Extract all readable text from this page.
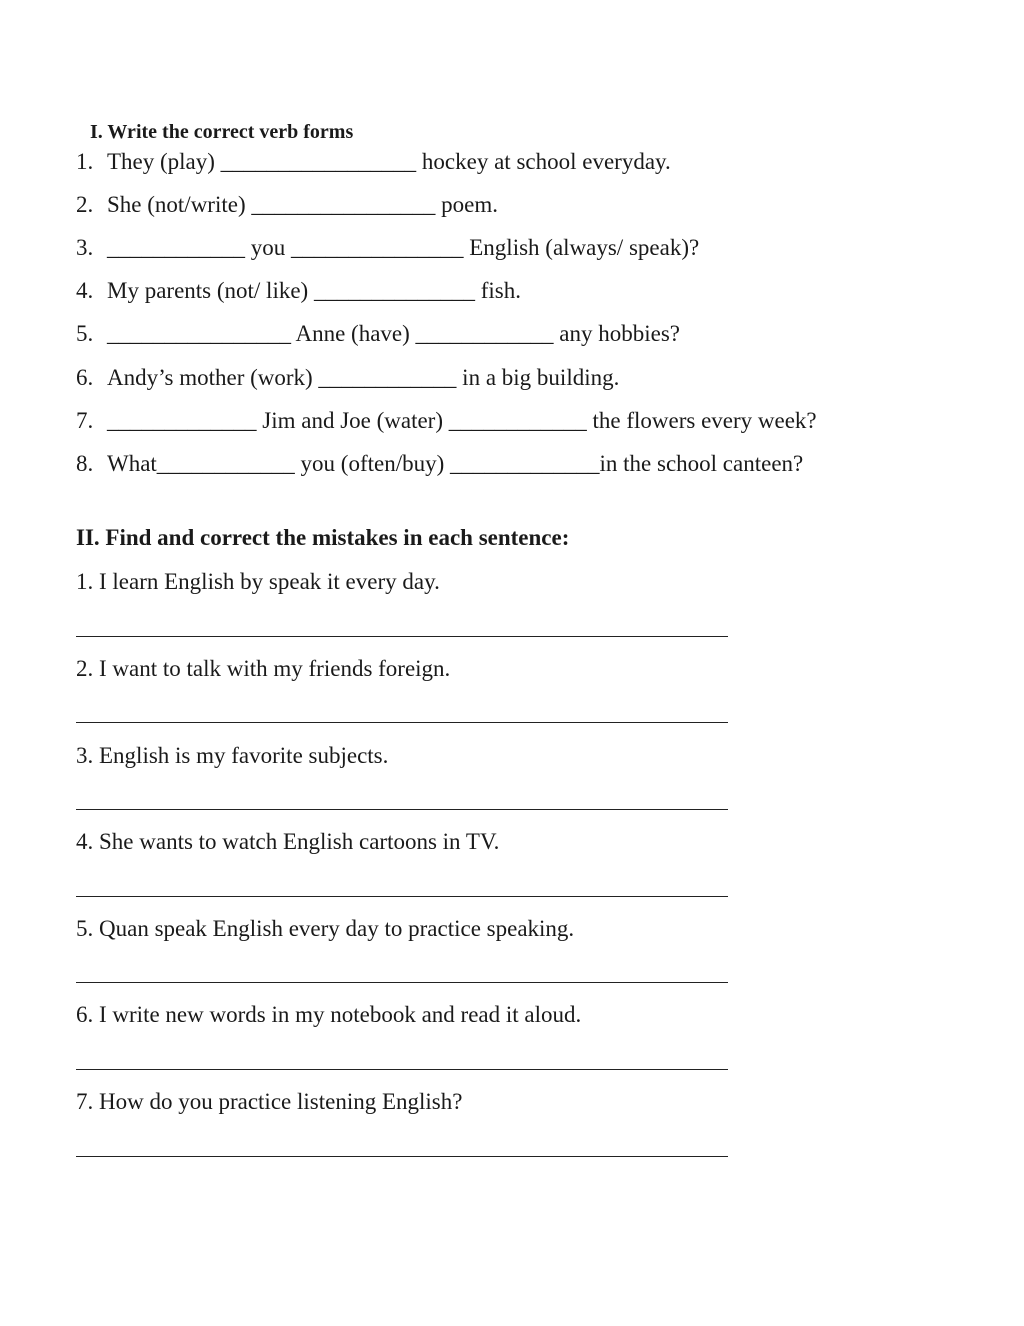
I. Write the correct verb forms
1. They (play) _________________ hockey at school everyday.
2. She (not/write) ________________ poem.
3. ____________ you _______________ English (always/ speak)?
4. My parents (not/ like) ______________ fish.
5. ________________ Anne (have) ____________ any hobbies?
6. Andy’s mother (work) ____________ in a big building.
7. _____________ Jim and Joe (water) ____________ the flowers every week?
8. What____________ you (often/buy) _____________in the school canteen?
II. Find and correct the mistakes in each sentence:
1. I learn English by speak it every day.
2. I want to talk with my friends foreign.
3. English is my favorite subjects.
4. She wants to watch English cartoons in TV.
5. Quan speak English every day to practice speaking.
6. I write new words in my notebook and read it aloud.
7. How do you practice listening English?
